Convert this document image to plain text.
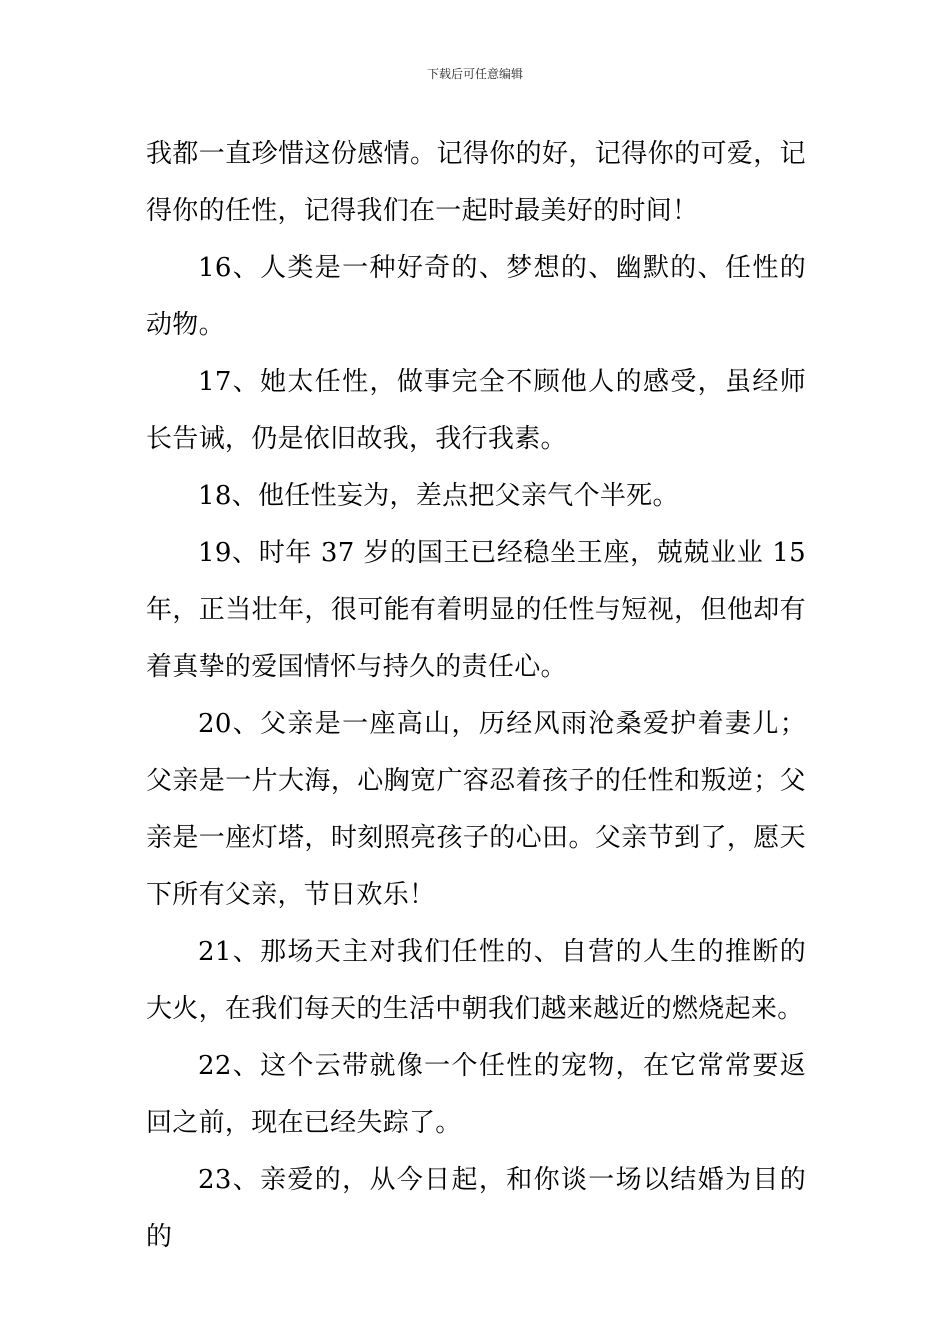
下载后可任意编辑

我都一直珍惜这份感情。记得你的好，记得你的可爱，记得你的任性，记得我们在一起时最美好的时间！

16、人类是一种好奇的、梦想的、幽默的、任性的动物。

17、她太任性，做事完全不顾他人的感受，虽经师长告诫，仍是依旧故我，我行我素。

18、他任性妄为，差点把父亲气个半死。

19、时年 37 岁的国王已经稳坐王座，兢兢业业 15 年，正当壮年，很可能有着明显的任性与短视，但他却有着真挚的爱国情怀与持久的责任心。

20、父亲是一座高山，历经风雨沧桑爱护着妻儿；父亲是一片大海，心胸宽广容忍着孩子的任性和叛逆；父亲是一座灯塔，时刻照亮孩子的心田。父亲节到了，愿天下所有父亲，节日欢乐！

21、那场天主对我们任性的、自营的人生的推断的大火，在我们每天的生活中朝我们越来越近的燃烧起来。

22、这个云带就像一个任性的宠物，在它常常要返回之前，现在已经失踪了。

23、亲爱的，从今日起，和你谈一场以结婚为目的的
